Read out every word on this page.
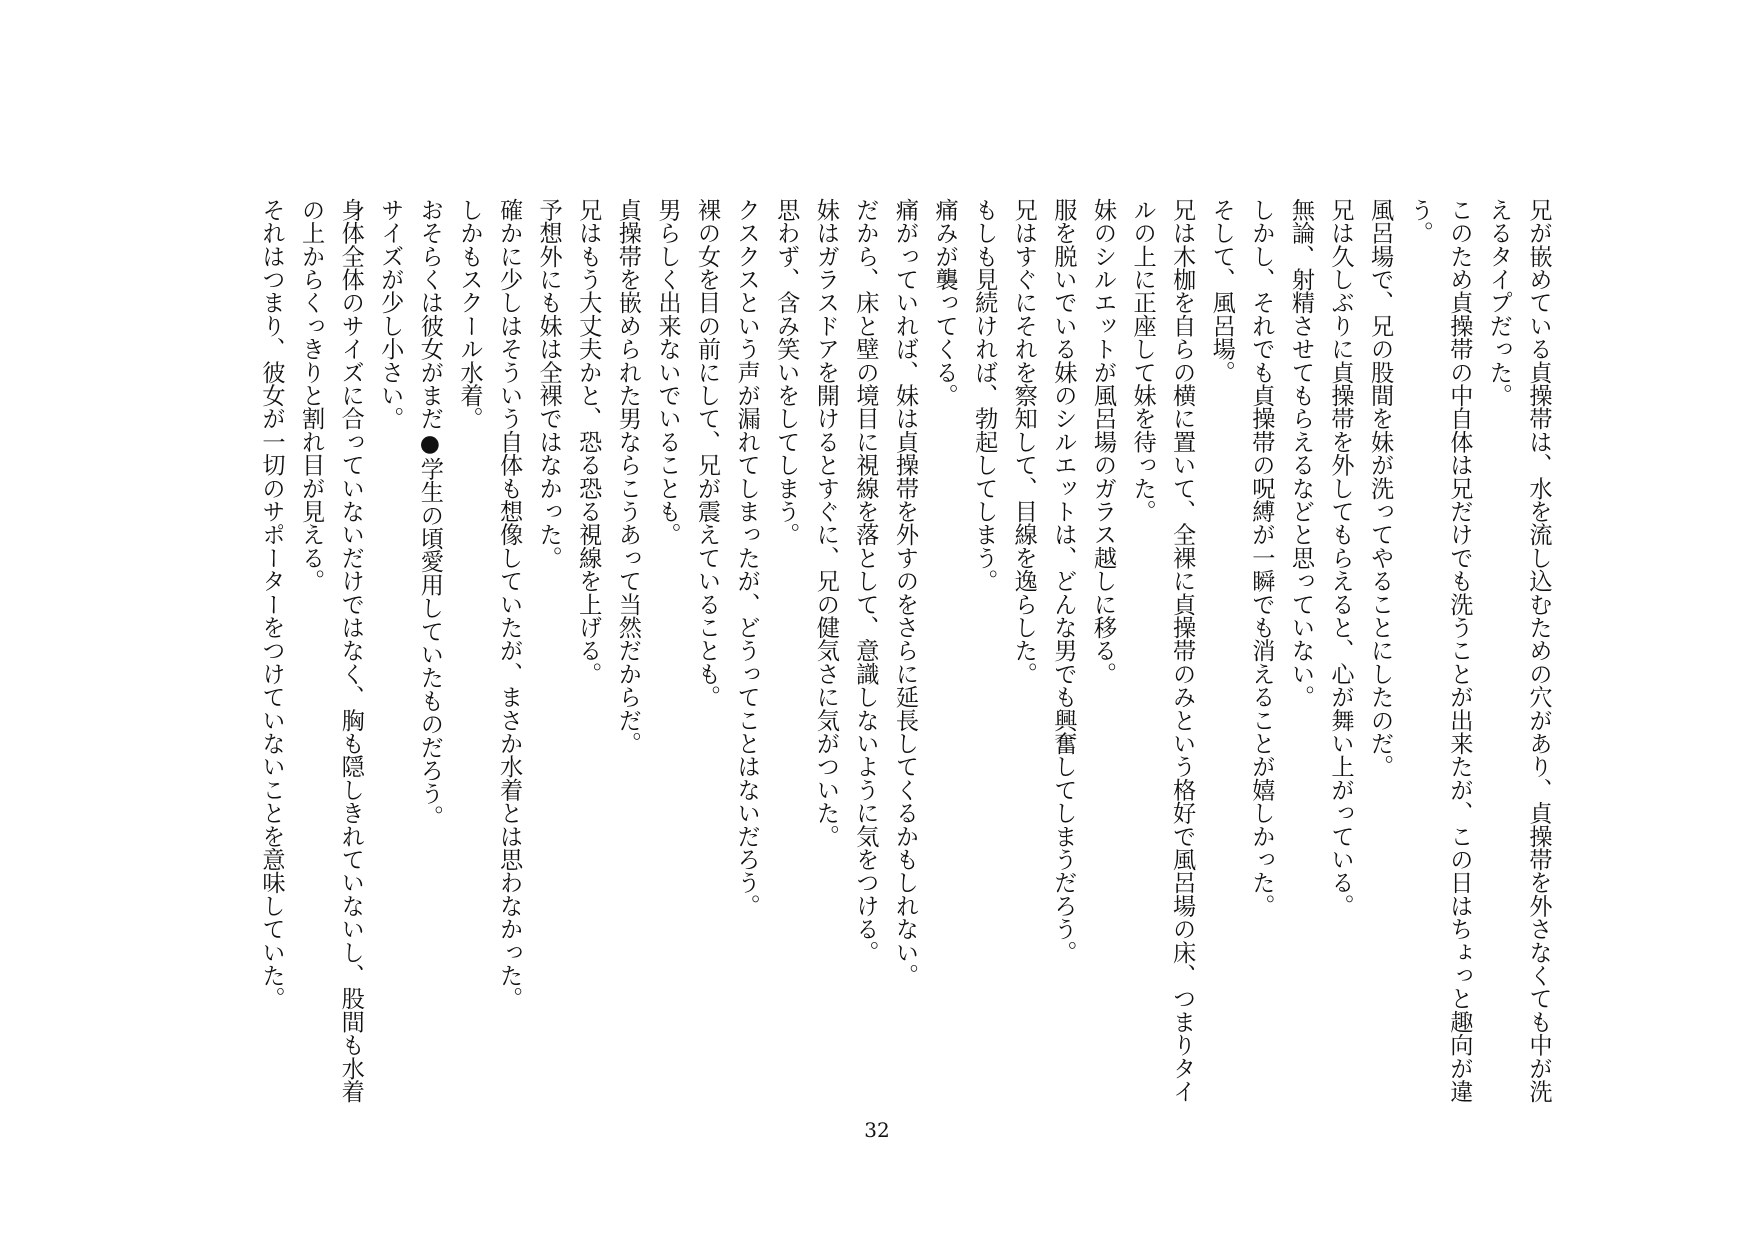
兄が嵌めている貞操帯は、水を流し込むための穴があり、貞操帯を外さなくても中が洗
えるタイプだった。
このため貞操帯の中自体は兄だけでも洗うことが出来たが、この日はちょっと趣向が違
う。
風呂場で、兄の股間を妹が洗ってやることにしたのだ。
兄は久しぶりに貞操帯を外してもらえると、心が舞い上がっている。
無論、射精させてもらえるなどと思っていない。
しかし、それでも貞操帯の呪縛が一瞬でも消えることが嬉しかった。
そして、風呂場。
兄は木枷を自らの横に置いて、全裸に貞操帯のみという格好で風呂場の床、つまりタイ
ルの上に正座して妹を待った。
妹のシルエットが風呂場のガラス越しに移る。
服を脱いでいる妹のシルエットは、どんな男でも興奮してしまうだろう。
兄はすぐにそれを察知して、目線を逸らした。
もしも見続ければ、勃起してしまう。
痛みが襲ってくる。
痛がっていれば、妹は貞操帯を外すのをさらに延長してくるかもしれない。
だから、床と壁の境目に視線を落として、意識しないように気をつける。
妹はガラスドアを開けるとすぐに、兄の健気さに気がついた。
思わず、含み笑いをしてしまう。
クスクスという声が漏れてしまったが、どうってことはないだろう。
裸の女を目の前にして、兄が震えていることも。
男らしく出来ないでいることも。
貞操帯を嵌められた男ならこうあって当然だからだ。
兄はもう大丈夫かと、恐る恐る視線を上げる。
予想外にも妹は全裸ではなかった。
確かに少しはそういう自体も想像していたが、まさか水着とは思わなかった。
しかもスクール水着。
おそらくは彼女がまだ●学生の頃愛用していたものだろう。
サイズが少し小さい。
身体全体のサイズに合っていないだけではなく、胸も隠しきれていないし、股間も水着
の上からくっきりと割れ目が見える。
それはつまり、彼女が一切のサポーターをつけていないことを意味していた。
32
